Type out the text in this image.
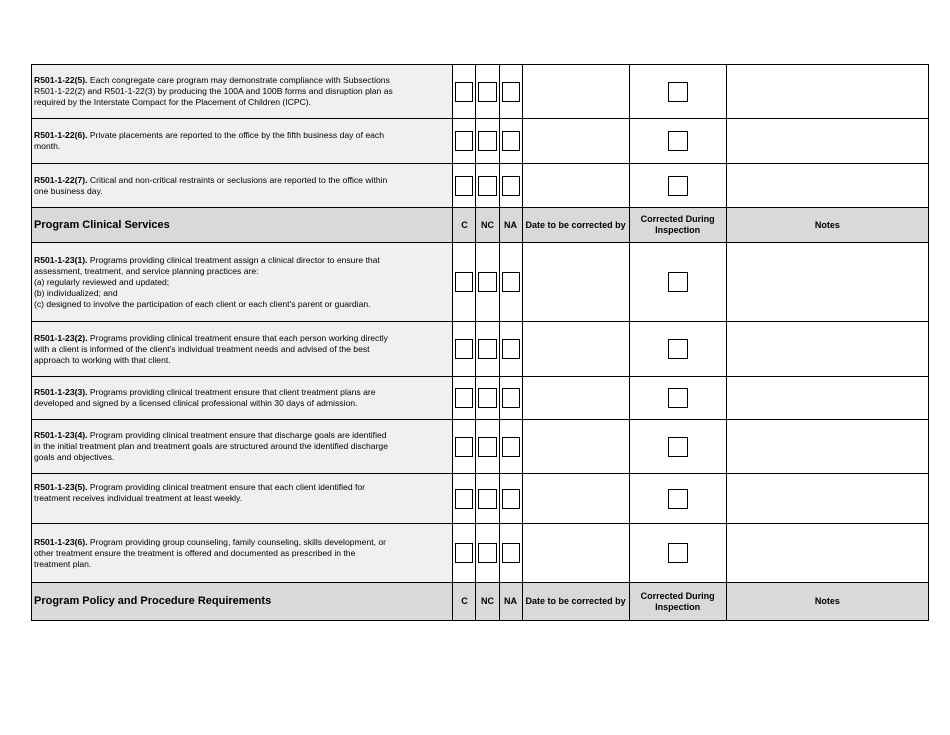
R501-1-22(5). Each congregate care program may demonstrate compliance with Subsections
R501-1-22(2) and R501-1-22(3) by producing the 100A and 100B forms and disruption plan as
required by the Interstate Compact for the Placement of Children (ICPC).						

R501-1-22(6). Private placements are reported to the office by the fifth business day of each
month.						

R501-1-22(7). Critical and non-critical restraints or seclusions are reported to the office within
one business day.						

Program Clinical Services	C	NC	NA	Date to be corrected by	Corrected During Inspection	Notes
R501-1-23(1). Programs providing clinical treatment assign a clinical director to ensure that
assessment, treatment, and service planning practices are:
(a) regularly reviewed and updated;
(b) individualized; and
(c) designed to involve the participation of each client or each client's parent or guardian.						

R501-1-23(2). Programs providing clinical treatment ensure that each person working directly
with a client is informed of the client's individual treatment needs and advised of the best
approach to working with that client.						

R501-1-23(3). Programs providing clinical treatment ensure that client treatment plans are
developed and signed by a licensed clinical professional within 30 days of admission.						

R501-1-23(4). Program providing clinical treatment ensure that discharge goals are identified
in the initial treatment plan and treatment goals are structured around the identified discharge
goals and objectives.						

R501-1-23(5). Program providing clinical treatment ensure that each client identified for
treatment receives individual treatment at least weekly.						

R501-1-23(6). Program providing group counseling, family counseling, skills development, or
other treatment ensure the treatment is offered and documented as prescribed in the
treatment plan.						

Program Policy and Procedure Requirements	C	NC	NA	Date to be corrected by	Corrected During Inspection	Notes
